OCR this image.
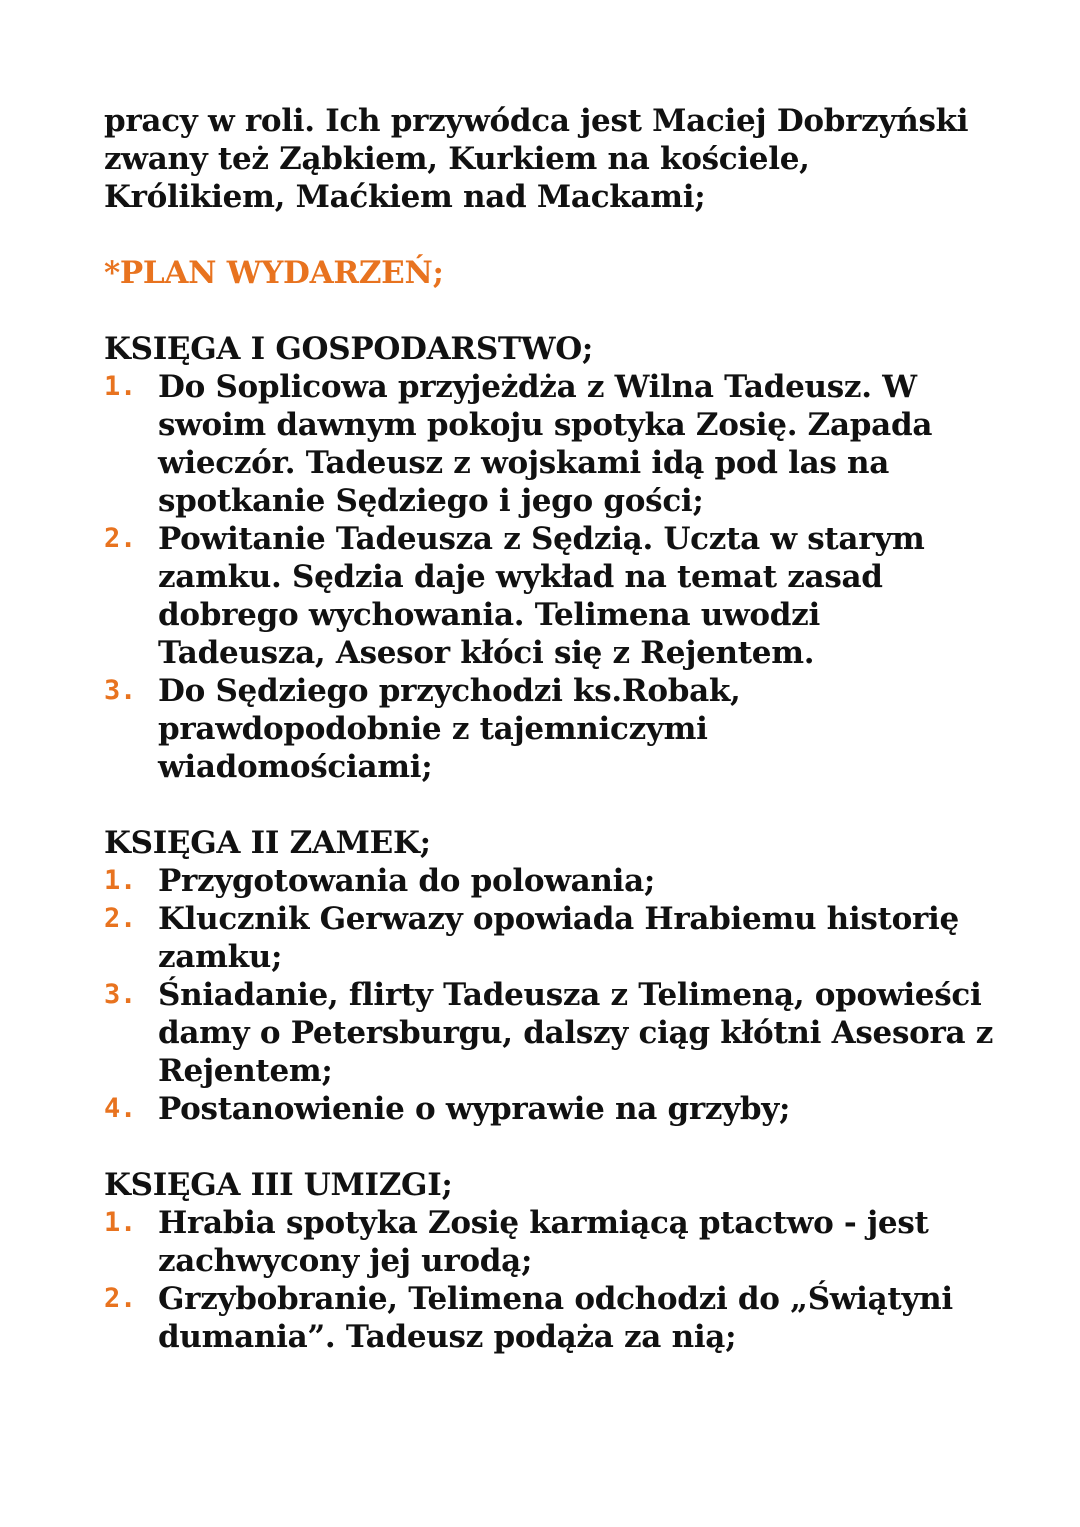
pracy w roli. Ich przywódca jest Maciej Dobrzyński

zwany też Ząbkiem, Kurkiem na kościele,

Królikiem, Maćkiem nad Mackami;

*PLAN WYDARZEŃ;
KSIĘGA I GOSPODARSTWO;
1. Do Soplicowa przyjeżdża z Wilna Tadeusz. W
swoim dawnym pokoju spotyka Zosię. Zapada
wieczór. Tadeusz z wojskami idą pod las na
spotkanie Sędziego i jego gości;
2. Powitanie Tadeusza z Sędzią. Uczta w starym
zamku. Sędzia daje wykład na temat zasad
dobrego wychowania. Telimena uwodzi
Tadeusza, Asesor kłóci się z Rejentem.
3. Do Sędziego przychodzi ks.Robak,
prawdopodobnie z tajemniczymi
wiadomościami;
KSIĘGA II ZAMEK;
1. Przygotowania do polowania;
2. Klucznik Gerwazy opowiada Hrabiemu historię
zamku;
3. Śniadanie, flirty Tadeusza z Telimeną, opowieści
damy o Petersburgu, dalszy ciąg kłótni Asesora z
Rejentem;
4. Postanowienie o wyprawie na grzyby;
KSIĘGA III UMIZGI;
1. Hrabia spotyka Zosię karmiącą ptactwo - jest
zachwycony jej urodą;
2. Grzybobranie, Telimena odchodzi do „Świątyni
dumania”. Tadeusz podąża za nią;
